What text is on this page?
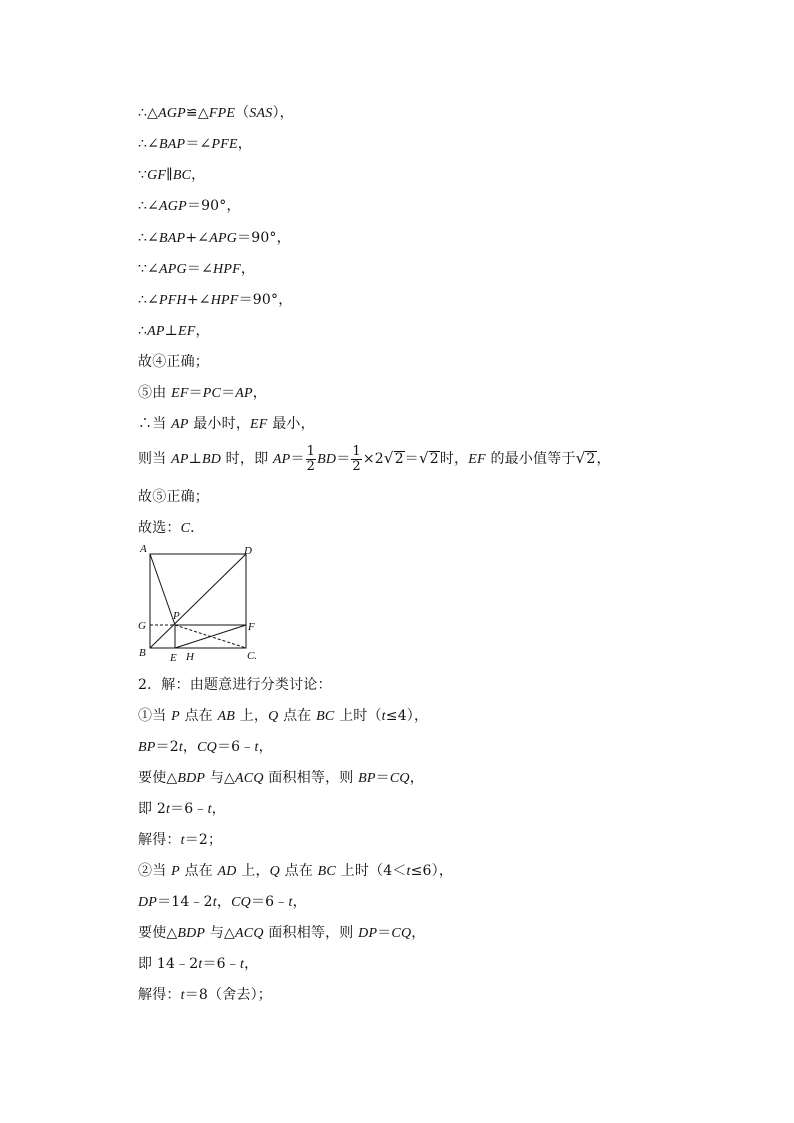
∴△AGP≌△FPE（SAS），
∴∠BAP＝∠PFE，
∵GF∥BC，
∴∠AGP＝90°，
∴∠BAP+∠APG＝90°，
∵∠APG＝∠HPF，
∴∠PFH+∠HPF＝90°，
∴AP⊥EF，
故④正确；
⑤由 EF＝PC＝AP，
∴当 AP 最小时，EF 最小，
则当 AP⊥BD 时，即 $AP= \frac{1}{2} BD= \frac{1}{2} \times 2√2=√2$时，EF 的最小值等于√2，
故⑤正确；
故选：C．
A	D
P
G	F
B E H	C.
2．解：由题意进行分类讨论：
①当 P 点在 AB 上，Q 点在 BC 上时（t≤4），
BP＝2t，CQ＝6﹣t，
要使△BDP 与△ACQ 面积相等，则 BP＝CQ，
即 2t＝6﹣t，
解得：t＝2；
②当 P 点在 AD 上，Q 点在 BC 上时（4＜t≤6），
DP＝14﹣2t，CQ＝6﹣t，
要使△BDP 与△ACQ 面积相等，则 DP＝CQ，
即 14﹣2t＝6﹣t，
解得：t＝8（舍去）；
